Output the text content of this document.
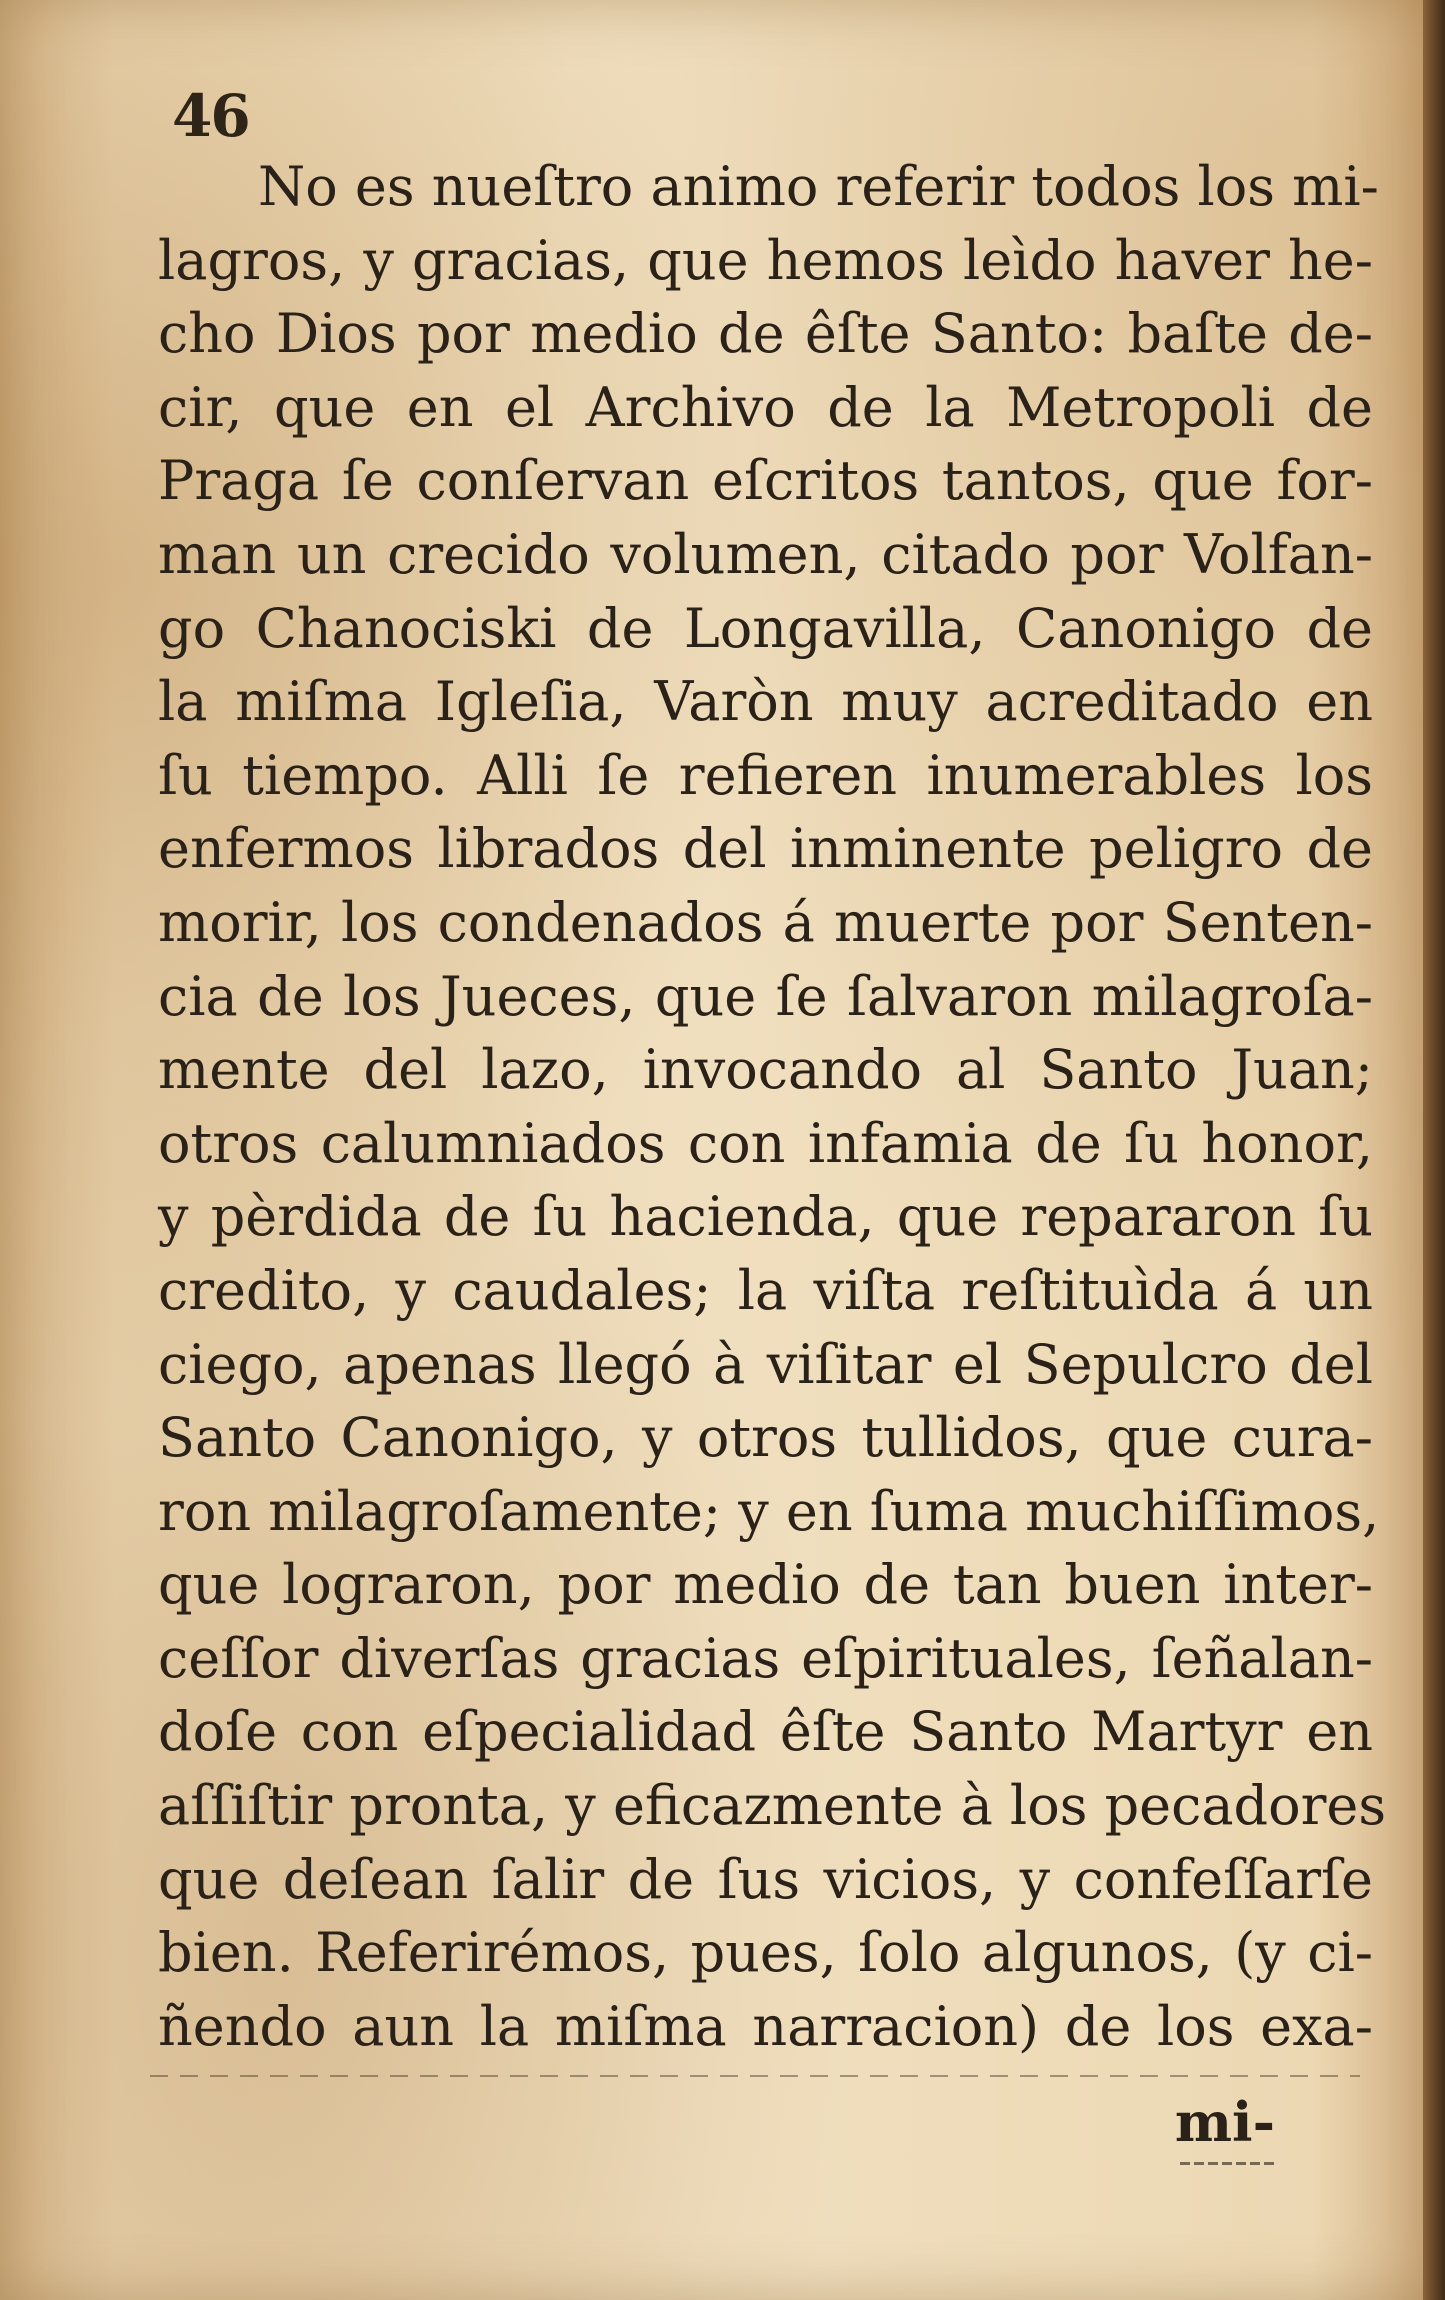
46
No es nueſtro animo referir todos los mi-
lagros, y gracias, que hemos leìdo haver he-
cho Dios por medio de êſte Santo: baſte de-
cir, que en el Archivo de la Metropoli de
Praga ſe conſervan eſcritos tantos, que for-
man un crecido volumen, citado por Volfan-
go Chanociski de Longavilla, Canonigo de
la miſma Igleſia, Varòn muy acreditado en
ſu tiempo. Alli ſe refieren inumerables los
enfermos librados del inminente peligro de
morir, los condenados á muerte por Senten-
cia de los Jueces, que ſe ſalvaron milagroſa-
mente del lazo, invocando al Santo Juan;
otros calumniados con infamia de ſu honor,
y pèrdida de ſu hacienda, que repararon ſu
credito, y caudales; la viſta reſtituìda á un
ciego, apenas llegó à viſitar el Sepulcro del
Santo Canonigo, y otros tullidos, que cura-
ron milagroſamente; y en ſuma muchiſſimos,
que lograron, por medio de tan buen inter-
ceſſor diverſas gracias eſpirituales, ſeñalan-
doſe con eſpecialidad êſte Santo Martyr en
aſſiſtir pronta, y eficazmente à los pecadores
que deſean ſalir de ſus vicios, y confeſſarſe
bien. Referirémos, pues, ſolo algunos, (y ci-
ñendo aun la miſma narracion) de los exa-
mi-
